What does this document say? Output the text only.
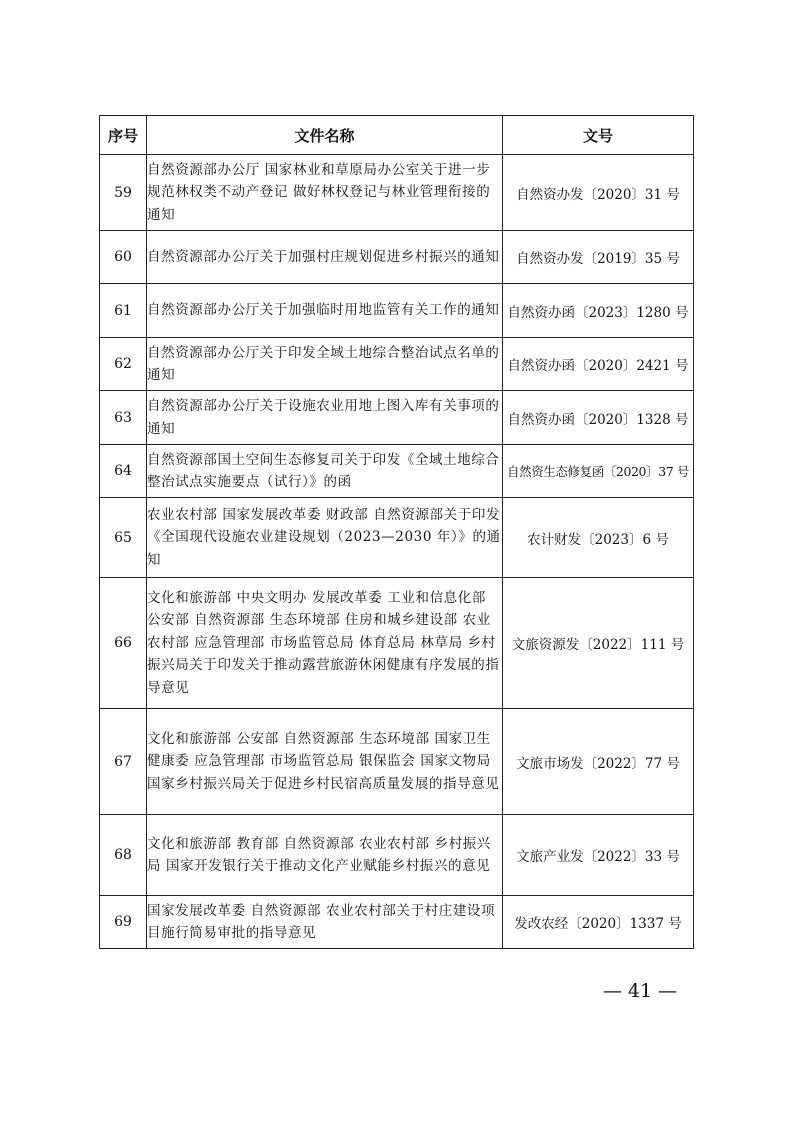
序号	文件名称	文号
59	自然资源部办公厅 国家林业和草原局办公室关于进一步规范林权类不动产登记 做好林权登记与林业管理衔接的通知	自然资办发〔2020〕31 号
60	自然资源部办公厅关于加强村庄规划促进乡村振兴的通知	自然资办发〔2019〕35 号
61	自然资源部办公厅关于加强临时用地监管有关工作的通知	自然资办函〔2023〕1280 号
62	自然资源部办公厅关于印发全域土地综合整治试点名单的通知	自然资办函〔2020〕2421 号
63	自然资源部办公厅关于设施农业用地上图入库有关事项的通知	自然资办函〔2020〕1328 号
64	自然资源部国土空间生态修复司关于印发《全域土地综合整治试点实施要点（试行）》的函	自然资生态修复函〔2020〕37 号
65	农业农村部 国家发展改革委 财政部 自然资源部关于印发《全国现代设施农业建设规划（2023—2030 年）》的通知	农计财发〔2023〕6 号
66	文化和旅游部 中央文明办 发展改革委 工业和信息化部 公安部 自然资源部 生态环境部 住房和城乡建设部 农业农村部 应急管理部 市场监管总局 体育总局 林草局 乡村振兴局关于印发关于推动露营旅游休闲健康有序发展的指导意见	文旅资源发〔2022〕111 号
67	文化和旅游部 公安部 自然资源部 生态环境部 国家卫生健康委 应急管理部 市场监管总局 银保监会 国家文物局 国家乡村振兴局关于促进乡村民宿高质量发展的指导意见	文旅市场发〔2022〕77 号
68	文化和旅游部 教育部 自然资源部 农业农村部 乡村振兴局 国家开发银行关于推动文化产业赋能乡村振兴的意见	文旅产业发〔2022〕33 号
69	国家发展改革委 自然资源部 农业农村部关于村庄建设项目施行简易审批的指导意见	发改农经〔2020〕1337 号
— 41 —
